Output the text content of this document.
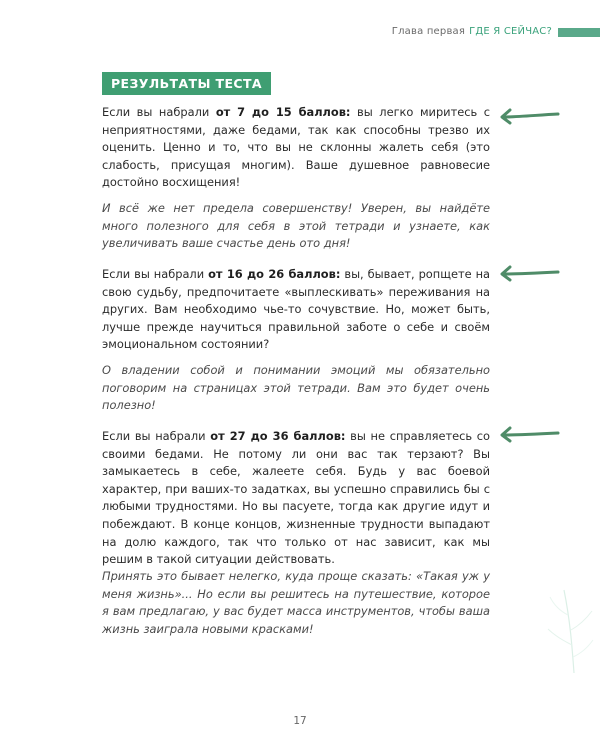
Глава первая ГДЕ Я СЕЙЧАС?
РЕЗУЛЬТАТЫ ТЕСТА
Если вы набрали от 7 до 15 баллов: вы легко миритесь с неприятностями, даже бедами, так как способны трезво их оценить. Ценно и то, что вы не склонны жалеть себя (это слабость, присущая многим). Ваше душевное равновесие достойно восхищения!
И всё же нет предела совершенству! Уверен, вы найдёте много полезного для себя в этой тетради и узнаете, как увеличивать ваше счастье день ото дня!
Если вы набрали от 16 до 26 баллов: вы, бывает, ропщете на свою судьбу, предпочитаете «выплескивать» переживания на других. Вам необходимо чье-то сочувствие. Но, может быть, лучше прежде научиться правильной заботе о себе и своём эмоциональном состоянии?
О владении собой и понимании эмоций мы обязательно поговорим на страницах этой тетради. Вам это будет очень полезно!
Если вы набрали от 27 до 36 баллов: вы не справляетесь со своими бедами. Не потому ли они вас так терзают? Вы замыкаетесь в себе, жалеете себя. Будь у вас боевой характер, при ваших-то задатках, вы успешно справились бы с любыми трудностями. Но вы пасуете, тогда как другие идут и побеждают. В конце концов, жизненные трудности выпадают на долю каждого, так что только от нас зависит, как мы решим в такой ситуации действовать.
Принять это бывает нелегко, куда проще сказать: «Такая уж у меня жизнь»... Но если вы решитесь на путешествие, которое я вам предлагаю, у вас будет масса инструментов, чтобы ваша жизнь заиграла новыми красками!
17
